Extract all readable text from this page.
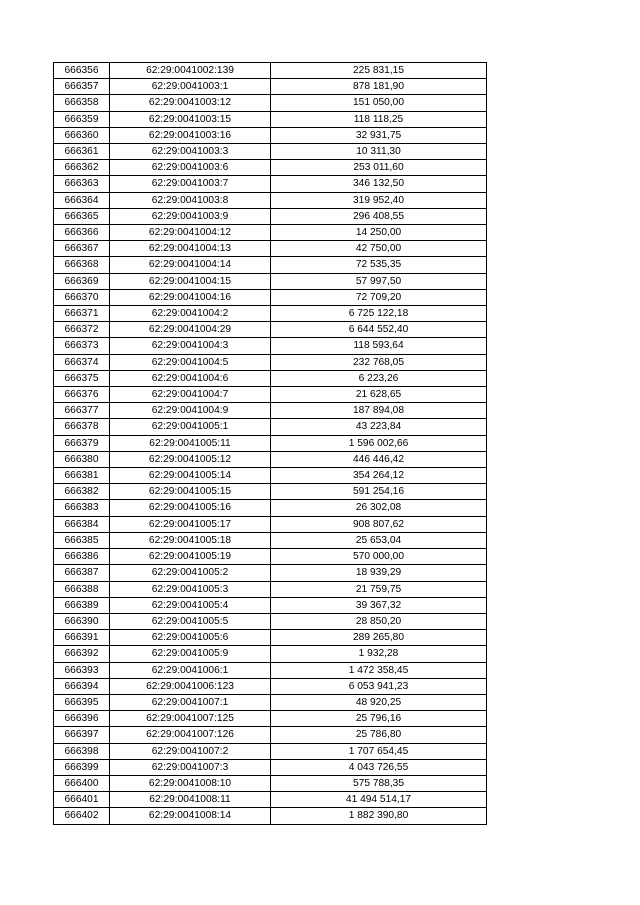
666356	62:29:0041002:139	225 831,15
666357	62:29:0041003:1	878 181,90
666358	62:29:0041003:12	151 050,00
666359	62:29:0041003:15	118 118,25
666360	62:29:0041003:16	32 931,75
666361	62:29:0041003:3	10 311,30
666362	62:29:0041003:6	253 011,60
666363	62:29:0041003:7	346 132,50
666364	62:29:0041003:8	319 952,40
666365	62:29:0041003:9	296 408,55
666366	62:29:0041004:12	14 250,00
666367	62:29:0041004:13	42 750,00
666368	62:29:0041004:14	72 535,35
666369	62:29:0041004:15	57 997,50
666370	62:29:0041004:16	72 709,20
666371	62:29:0041004:2	6 725 122,18
666372	62:29:0041004:29	6 644 552,40
666373	62:29:0041004:3	118 593,64
666374	62:29:0041004:5	232 768,05
666375	62:29:0041004:6	6 223,26
666376	62:29:0041004:7	21 628,65
666377	62:29:0041004:9	187 894,08
666378	62:29:0041005:1	43 223,84
666379	62:29:0041005:11	1 596 002,66
666380	62:29:0041005:12	446 446,42
666381	62:29:0041005:14	354 264,12
666382	62:29:0041005:15	591 254,16
666383	62:29:0041005:16	26 302,08
666384	62:29:0041005:17	908 807,62
666385	62:29:0041005:18	25 653,04
666386	62:29:0041005:19	570 000,00
666387	62:29:0041005:2	18 939,29
666388	62:29:0041005:3	21 759,75
666389	62:29:0041005:4	39 367,32
666390	62:29:0041005:5	28 850,20
666391	62:29:0041005:6	289 265,80
666392	62:29:0041005:9	1 932,28
666393	62:29:0041006:1	1 472 358,45
666394	62:29:0041006:123	6 053 941,23
666395	62:29:0041007:1	48 920,25
666396	62:29:0041007:125	25 796,16
666397	62:29:0041007:126	25 786,80
666398	62:29:0041007:2	1 707 654,45
666399	62:29:0041007:3	4 043 726,55
666400	62:29:0041008:10	575 788,35
666401	62:29:0041008:11	41 494 514,17
666402	62:29:0041008:14	1 882 390,80
